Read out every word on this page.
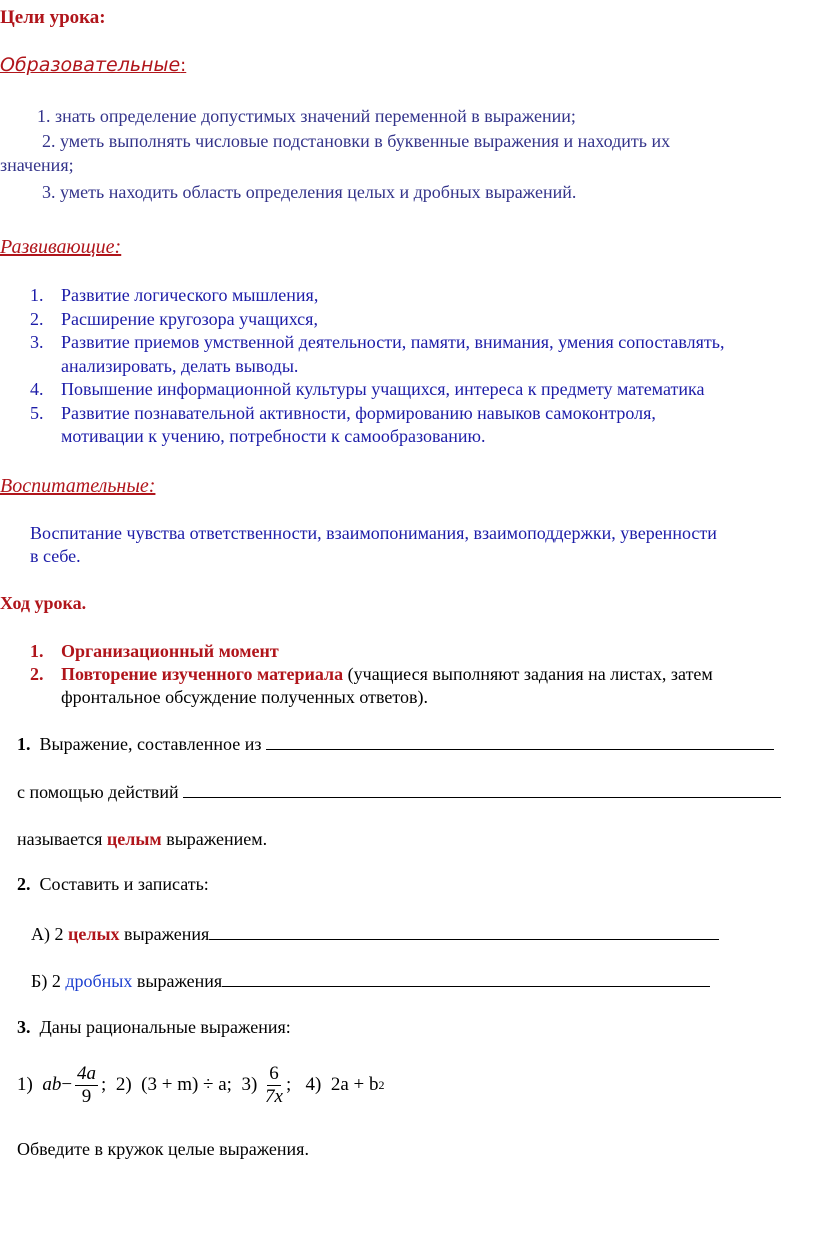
Цели урока:
Образовательные:
1. знать определение допустимых значений переменной в выражении;
2. уметь выполнять числовые подстановки в буквенные выражения и находить их
значения;
3. уметь находить область определения целых и дробных выражений.
Развивающие:
1. Развитие логического мышления,
2. Расширение кругозора учащихся,
3. Развитие приемов умственной деятельности, памяти, внимания, умения сопоставлять,
анализировать, делать выводы.
4. Повышение информационной культуры учащихся, интереса к предмету математика
5. Развитие познавательной активности, формированию навыков самоконтроля,
мотивации к учению, потребности к самообразованию.
Воспитательные:
Воспитание чувства ответственности, взаимопонимания, взаимоподдержки, уверенности
в себе.
Ход урока.
1. Организационный момент
2. Повторение изученного материала (учащиеся выполняют задания на листах, затем
фронтальное обсуждение полученных ответов).
1. Выражение, составленное из
с помощью действий
называется целым выражением.
2. Составить и записать:
А) 2 целых выражения
Б) 2 дробных выражения
3. Даны рациональные выражения:
1)
ab − $\frac{4a}{9}$ ;
2)
(3 + m) ÷ a ;
3)
$\frac{6}{7x}$ ;
4)
2a + b 2
Обведите в кружок целые выражения.
